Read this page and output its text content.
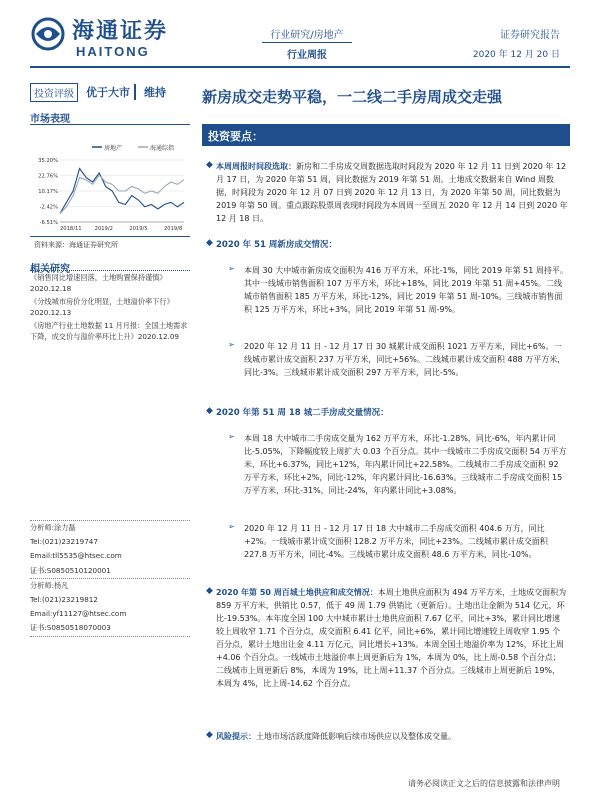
海通证券
HAITONG
行业研究/房地产
行业周报
证券研究报告
2020 年 12 月 20 日
投资评级	优于大市	维持 新房成交走势平稳，一二线二手房周成交走强
市场表现
房地产	海通综指
35.20%
22.76%
10.17%
-2.42%
-6.51%
2018/11	2019/2	2019/5	2019/8
资料来源：海通证券研究所
相关研究
《销售同比增速回落，土地购置保持谨慎》2020.12.18
《分线城市房价分化明显，土地溢价率下行》2020.12.13
《房地产行业土地数据 11 月月报：全国土地需求下降，成交价与溢价率环比上升》2020.12.09
分析师:涂力磊
Tel:(021)23219747
Email:tll5535@htsec.com
证书:S0850510120001
分析师:杨凡
Tel:(021)23219812
Email:yf11127@htsec.com
证书:S0850518070003
投资要点：
◆ 本周周报时间段选取：新房和二手房成交周数据选取时间段为 2020 年 12 月 11 日到 2020 年 12 月 17 日，为 2020 年第 51 周，同比数据为 2019 年第 51 周。土地成交数据来自 Wind 周数据，时间段为 2020 年 12 月 07 日到 2020 年 12 月 13 日，为 2020 年第 50 周，同比数据为 2019 年第 50 周。重点跟踪股票周表现时间段为本周周一至周五 2020 年 12 月 14 日到 2020 年 12 月 18 日。
◆ 2020 年 51 周新房成交情况：
➢ 本周 30 大中城市新房成交面积为 416 万平方米，环比-1%，同比 2019 年第 51 周持平。其中一线城市销售面积 107 万平方米，环比+18%，同比 2019 年第 51 周+45%。二线城市销售面积 185 万平方米，环比-12%，同比 2019 年第 51 周-10%。三线城市销售面积 125 万平方米，环比+3%，同比 2019 年第 51 周-9%。
➢ 2020 年 12 月 11 日 - 12 月 17 日 30 城累计成交面积 1021 万平方米，同比+6%。一线城市累计成交面积 237 万平方米，同比+56%。二线城市累计成交面积 488 万平方米，同比-3%。三线城市累计成交面积 297 万平方米，同比-5%。
◆ 2020 年第 51 周 18 城二手房成交量情况：
➢ 本周 18 大中城市二手房成交量为 162 万平方米，环比-1.28%，同比-6%，年内累计同比-5.05%，下降幅度较上周扩大 0.03 个百分点。其中一线城市二手房成交面积 54 万平方米，环比+6.37%，同比+12%，年内累计同比+22.58%。二线城市二手房成交面积 92 万平方米，环比+2%，同比-12%，年内累计同比-16.63%。三线城市二手房成交面积 15 万平方米，环比-31%，同比-24%，年内累计同比+3.08%。
➢ 2020 年 12 月 11 日 - 12 月 17 日 18 大中城市二手房成交面积 404.6 万方，同比+2%。一线城市累计成交面积 128.2 万平方米，同比+23%。二线城市累计成交面积 227.8 万平方米，同比-4%。三线城市累计成交面积 48.6 万平方米，同比-10%。
◆ 2020 年第 50 周百城土地供应和成交情况：本周土地供应面积为 494 万平方米，土地成交面积为 859 万平方米，供销比 0.57，低于 49 周 1.79 供销比（更新后）。土地出让金额为 514 亿元，环比-19.53%。本年度全国 100 大中城市累计土地供应面积 7.67 亿平，同比+3%，累计同比增速较上周收窄 1.71 个百分点，成交面积 6.41 亿平，同比+6%，累计同比增速较上周收窄 1.95 个百分点，累计土地出让金 4.11 万亿元，同比增长+13%。本周全国土地溢价率为 12%，环比上周+4.06 个百分点。一线城市土地溢价率上周更新后为 1%，本周为 0%，比上周-0.58 个百分点；二线城市上周更新后 8%，本周为 19%，比上周+11.37 个百分点。三线城市上周更新后 19%，本周为 4%，比上周-14.62 个百分点。
◆ 风险提示：土地市场活跃度降低影响后续市场供应以及整体成交量。
请务必阅读正文之后的信息披露和法律声明
